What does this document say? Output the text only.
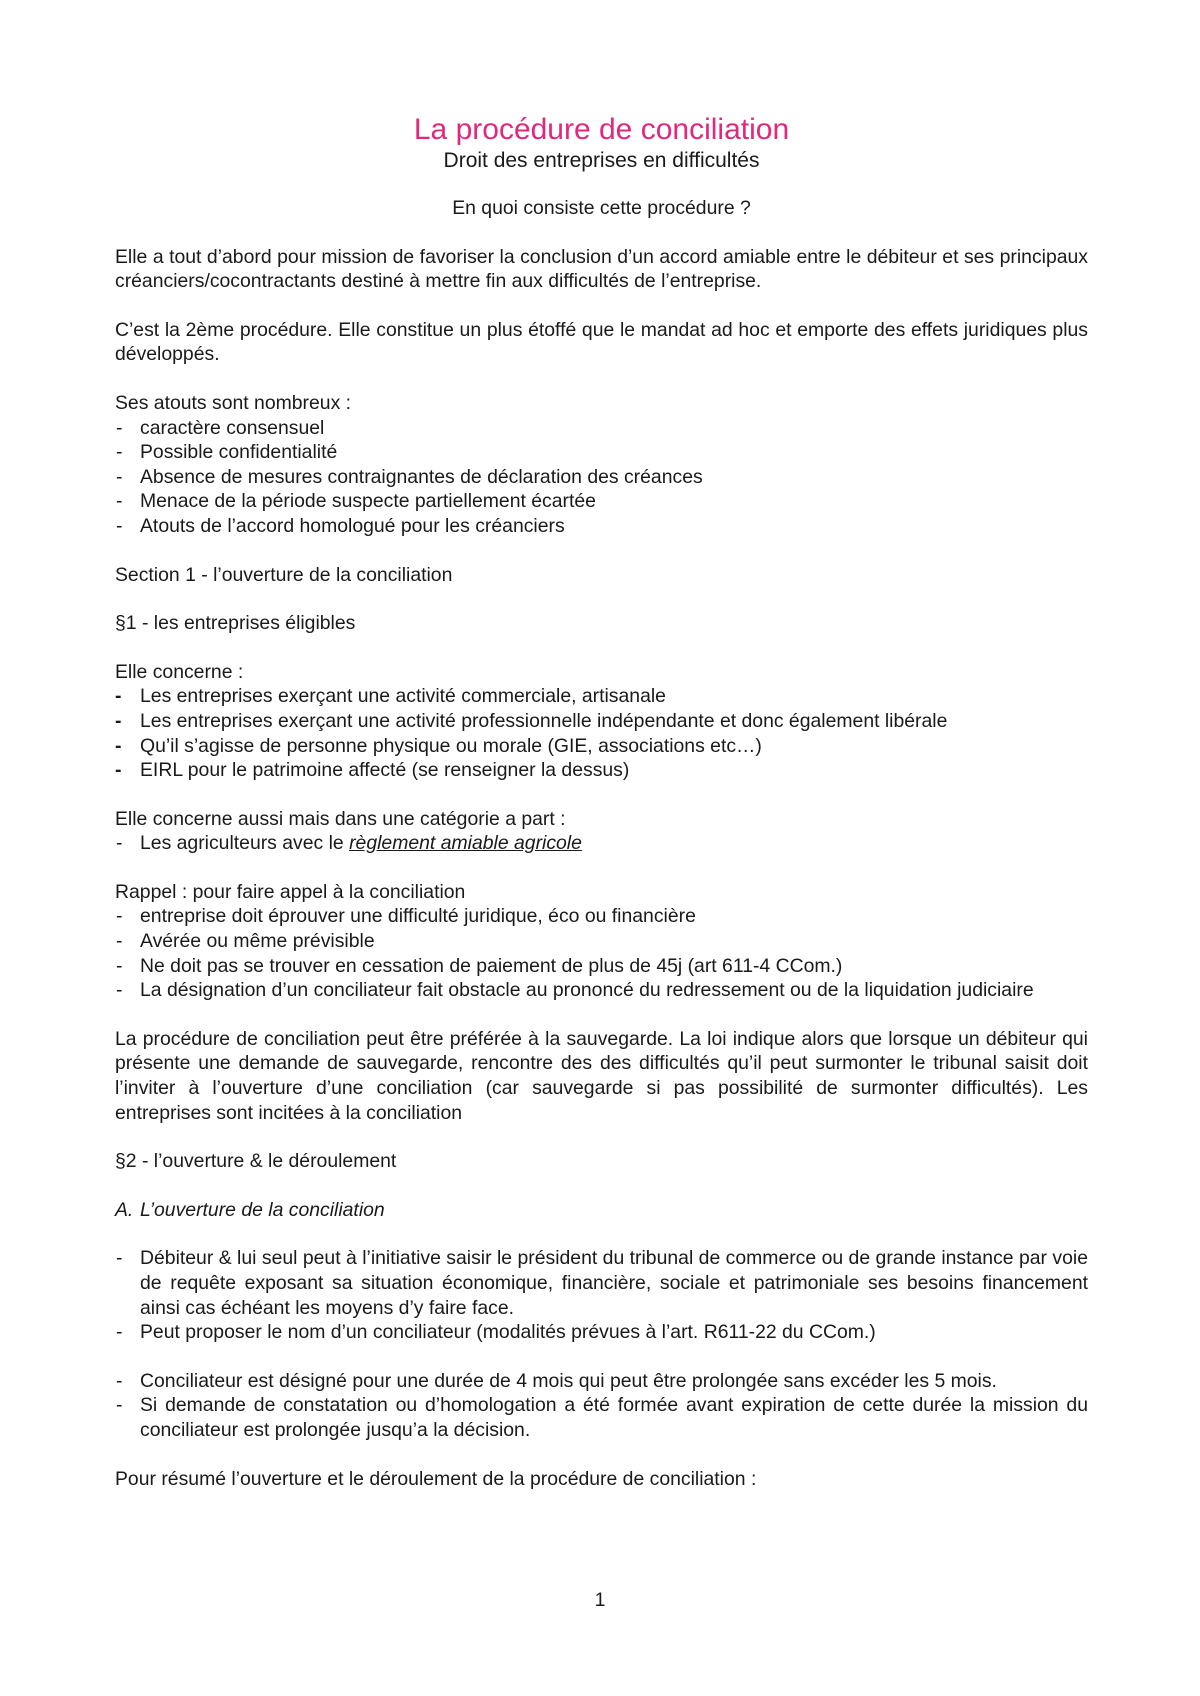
La procédure de conciliation
Droit des entreprises en difficultés
En quoi consiste cette procédure ?

Elle a tout d’abord pour mission de favoriser la conclusion d’un accord amiable entre le débiteur et ses principaux créanciers/cocontractants destiné à mettre fin aux difficultés de l’entreprise.

C’est la 2ème procédure. Elle constitue un plus étoffé que le mandat ad hoc et emporte des effets juridiques plus développés.

Ses atouts sont nombreux :

- caractère consensuel
- Possible confidentialité
- Absence de mesures contraignantes de déclaration des créances
- Menace de la période suspecte partiellement écartée
- Atouts de l’accord homologué pour les créanciers
Section 1 - l’ouverture de la conciliation
§1 - les entreprises éligibles

Elle concerne :

- Les entreprises exerçant une activité commerciale, artisanale
- Les entreprises exerçant une activité professionnelle indépendante et donc également libérale
- Qu’il s’agisse de personne physique ou morale (GIE, associations etc…)
- EIRL pour le patrimoine affecté (se renseigner la dessus)

Elle concerne aussi mais dans une catégorie a part :

- Les agriculteurs avec le règlement amiable agricole

Rappel : pour faire appel à la conciliation

- entreprise doit éprouver une difficulté juridique, éco ou financière
- Avérée ou même prévisible
- Ne doit pas se trouver en cessation de paiement de plus de 45j (art 611-4 CCom.)
- La désignation d’un conciliateur fait obstacle au prononcé du redressement ou de la liquidation judiciaire

La procédure de conciliation peut être préférée à la sauvegarde. La loi indique alors que lorsque un débiteur qui présente une demande de sauvegarde, rencontre des des difficultés qu’il peut surmonter le tribunal saisit doit l’inviter à l’ouverture d’une conciliation (car sauvegarde si pas possibilité de surmonter difficultés). Les entreprises sont incitées à la conciliation

§2 - l’ouverture & le déroulement
A. L’ouverture de la conciliation
- Débiteur & lui seul peut à l’initiative saisir le président du tribunal de commerce ou de grande instance par voie de requête exposant sa situation économique, financière, sociale et patrimoniale ses besoins financement ainsi cas échéant les moyens d’y faire face.
- Peut proposer le nom d’un conciliateur (modalités prévues à l’art. R611-22 du CCom.)
- Conciliateur est désigné pour une durée de 4 mois qui peut être prolongée sans excéder les 5 mois.
- Si demande de constatation ou d’homologation a été formée avant expiration de cette durée la mission du conciliateur est prolongée jusqu’a la décision.

Pour résumé l’ouverture et le déroulement de la procédure de conciliation :

1
